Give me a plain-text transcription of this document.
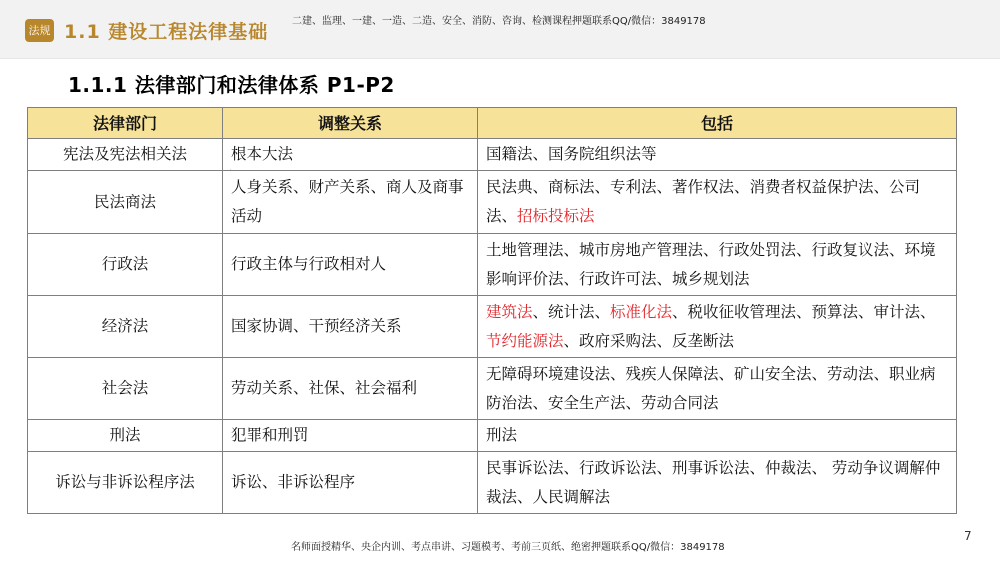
法规 1.1 建设工程法律基础 二建、监理、一建、一造、二造、安全、消防、咨询、检测课程押题联系QQ/微信：3849178
1.1.1 法律部门和法律体系 P1-P2
法律部门	调整关系	包括
宪法及宪法相关法	根本大法	国籍法、国务院组织法等
民法商法	人身关系、财产关系、商人及商事活动	民法典、商标法、专利法、著作权法、消费者权益保护法、公司法、招标投标法
行政法	行政主体与行政相对人	土地管理法、城市房地产管理法、行政处罚法、行政复议法、环境影响评价法、行政许可法、城乡规划法
经济法	国家协调、干预经济关系	建筑法、统计法、标准化法、税收征收管理法、预算法、审计法、节约能源法、政府采购法、反垄断法
社会法	劳动关系、社保、社会福利	无障碍环境建设法、残疾人保障法、矿山安全法、劳动法、职业病防治法、安全生产法、劳动合同法
刑法	犯罪和刑罚	刑法
诉讼与非诉讼程序法	诉讼、非诉讼程序	民事诉讼法、行政诉讼法、刑事诉讼法、仲裁法、 劳动争议调解仲裁法、人民调解法
·
名师面授精华、央企内训、考点串讲、习题模考、考前三页纸、绝密押题联系QQ/微信：3849178
7
